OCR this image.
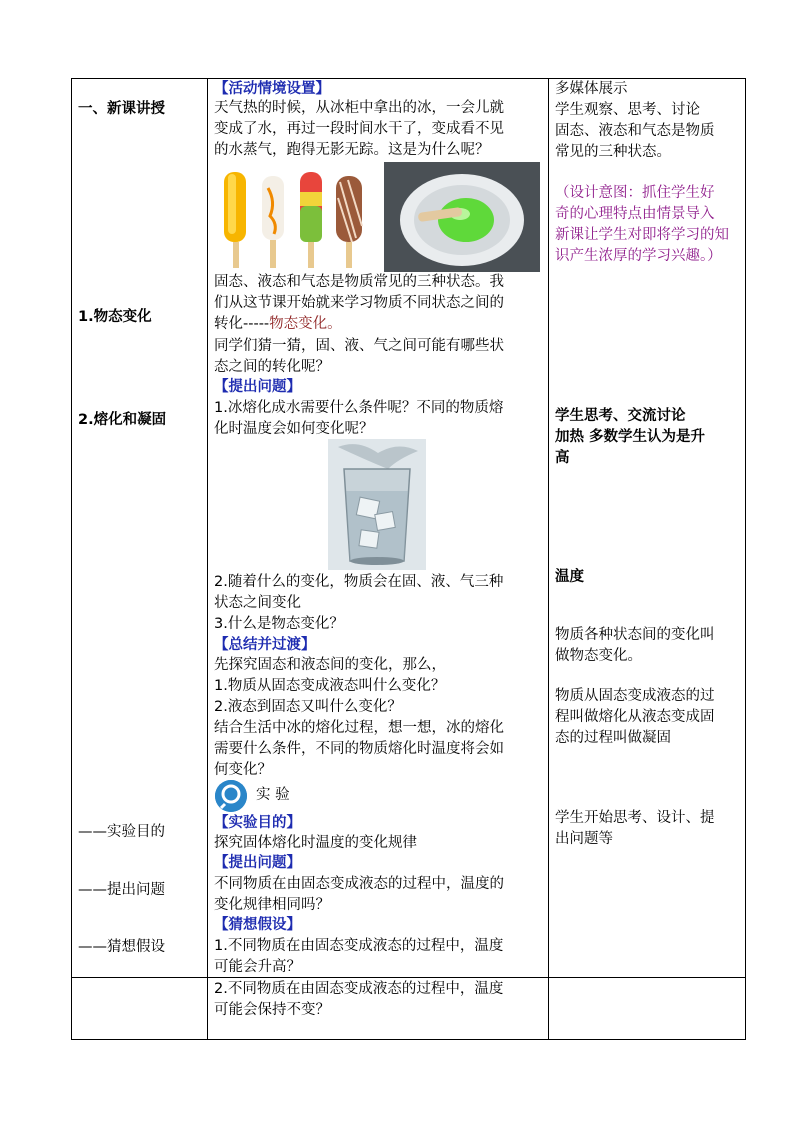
一、新课讲授
1.物态变化
2.熔化和凝固
——实验目的
——提出问题
——猜想假设
【活动情境设置】
天气热的时候，从冰柜中拿出的冰，一会儿就
变成了水，再过一段时间水干了，变成看不见
的水蒸气，跑得无影无踪。这是为什么呢？
固态、液态和气态是物质常见的三种状态。我
们从这节课开始就来学习物质不同状态之间的
转化-----物态变化。
同学们猜一猜，固、液、气之间可能有哪些状
态之间的转化呢？
【提出问题】
1.冰熔化成水需要什么条件呢？不同的物质熔
化时温度会如何变化呢？
2.随着什么的变化，物质会在固、液、气三种
状态之间变化
3.什么是物态变化？
【总结并过渡】
先探究固态和液态间的变化，那么，
1.物质从固态变成液态叫什么变化？
2.液态到固态又叫什么变化？
结合生活中冰的熔化过程，想一想，冰的熔化
需要什么条件，不同的物质熔化时温度将会如
何变化？
实 验
【实验目的】
探究固体熔化时温度的变化规律
【提出问题】
不同物质在由固态变成液态的过程中，温度的
变化规律相同吗？
【猜想假设】
1.不同物质在由固态变成液态的过程中，温度
可能会升高？
2.不同物质在由固态变成液态的过程中，温度
可能会保持不变？
多媒体展示
学生观察、思考、讨论
固态、液态和气态是物质
常见的三种状态。
（设计意图：抓住学生好
奇的心理特点由情景导入
新课让学生对即将学习的知
识产生浓厚的学习兴趣。）
学生思考、交流讨论
加热 多数学生认为是升
高
温度
物质各种状态间的变化叫
做物态变化。
物质从固态变成液态的过
程叫做熔化从液态变成固
态的过程叫做凝固
学生开始思考、设计、提
出问题等
